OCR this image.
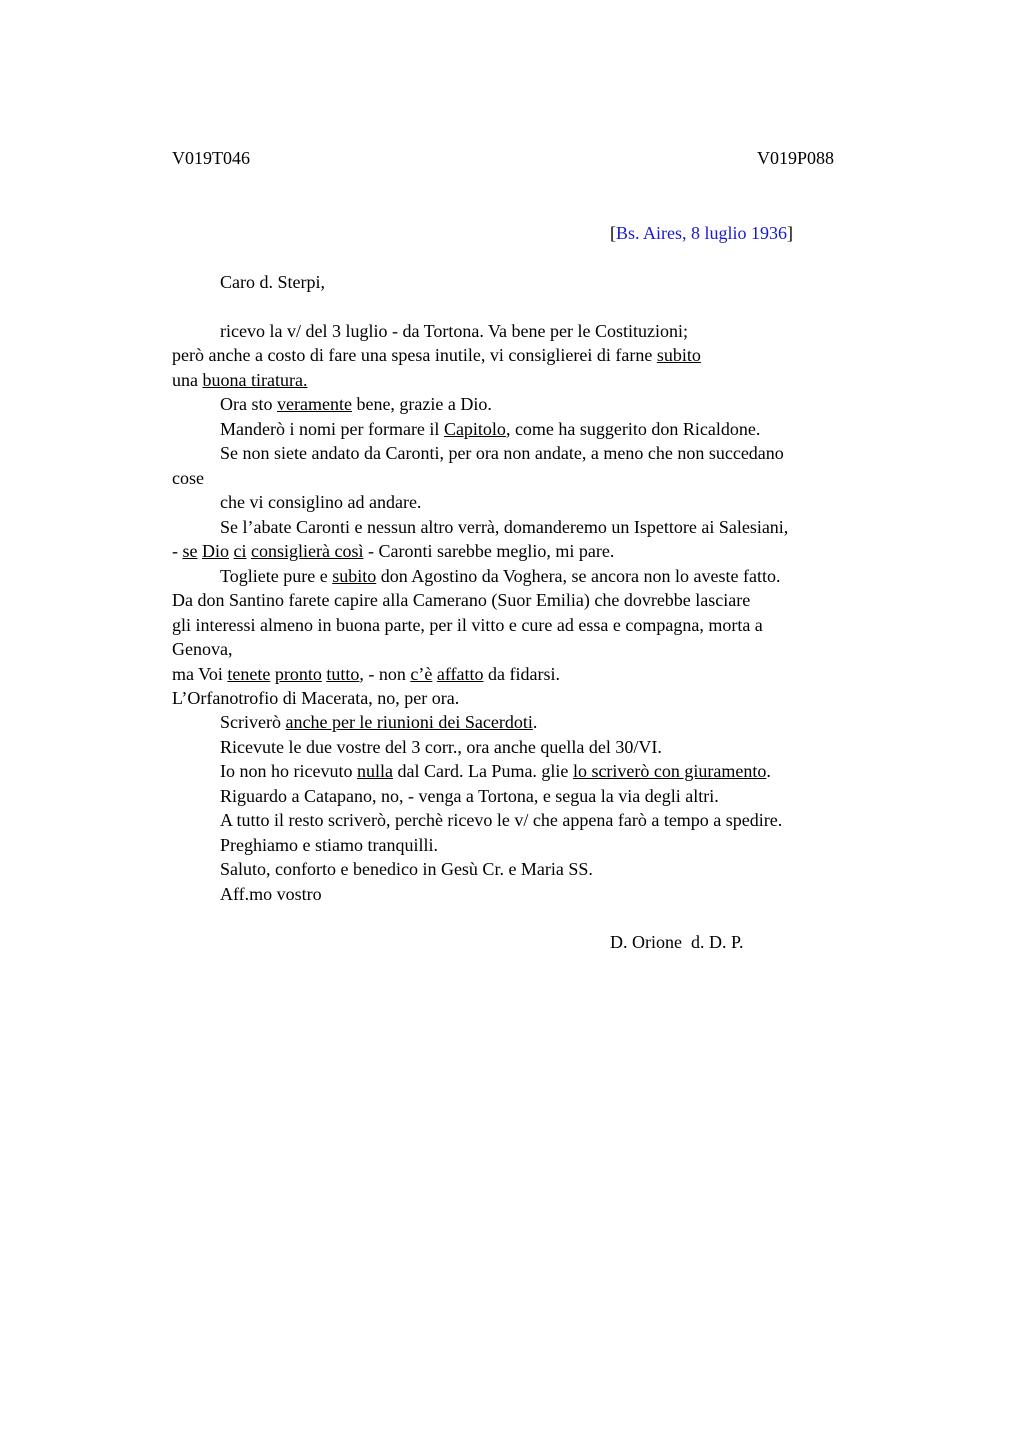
V019T046	V019P088
[Bs. Aires, 8 luglio 1936]
Caro d. Sterpi,
ricevo la v/ del 3 luglio - da Tortona. Va bene per le Costituzioni;
però anche a costo di fare una spesa inutile, vi consiglierei di farne subito
una buona tiratura.
Ora sto veramente bene, grazie a Dio.
Manderò i nomi per formare il Capitolo, come ha suggerito don Ricaldone.
Se non siete andato da Caronti, per ora non andate, a meno che non succedano
cose
che vi consiglino ad andare.
Se l’abate Caronti e nessun altro verrà, domanderemo un Ispettore ai Salesiani,
- se Dio ci consiglierà così - Caronti sarebbe meglio, mi pare.
Togliete pure e subito don Agostino da Voghera, se ancora non lo aveste fatto.
Da don Santino farete capire alla Camerano (Suor Emilia) che dovrebbe lasciare
gli interessi almeno in buona parte, per il vitto e cure ad essa e compagna, morta a
Genova,
ma Voi tenete pronto tutto, - non c’è affatto da fidarsi.
L’Orfanotrofio di Macerata, no, per ora.
Scriverò anche per le riunioni dei Sacerdoti.
Ricevute le due vostre del 3 corr., ora anche quella del 30/VI.
Io non ho ricevuto nulla dal Card. La Puma. glie lo scriverò con giuramento.
Riguardo a Catapano, no, - venga a Tortona, e segua la via degli altri.
A tutto il resto scriverò, perchè ricevo le v/ che appena farò a tempo a spedire.
Preghiamo e stiamo tranquilli.
Saluto, conforto e benedico in Gesù Cr. e Maria SS.
Aff.mo vostro
D. Orione  d. D. P.
